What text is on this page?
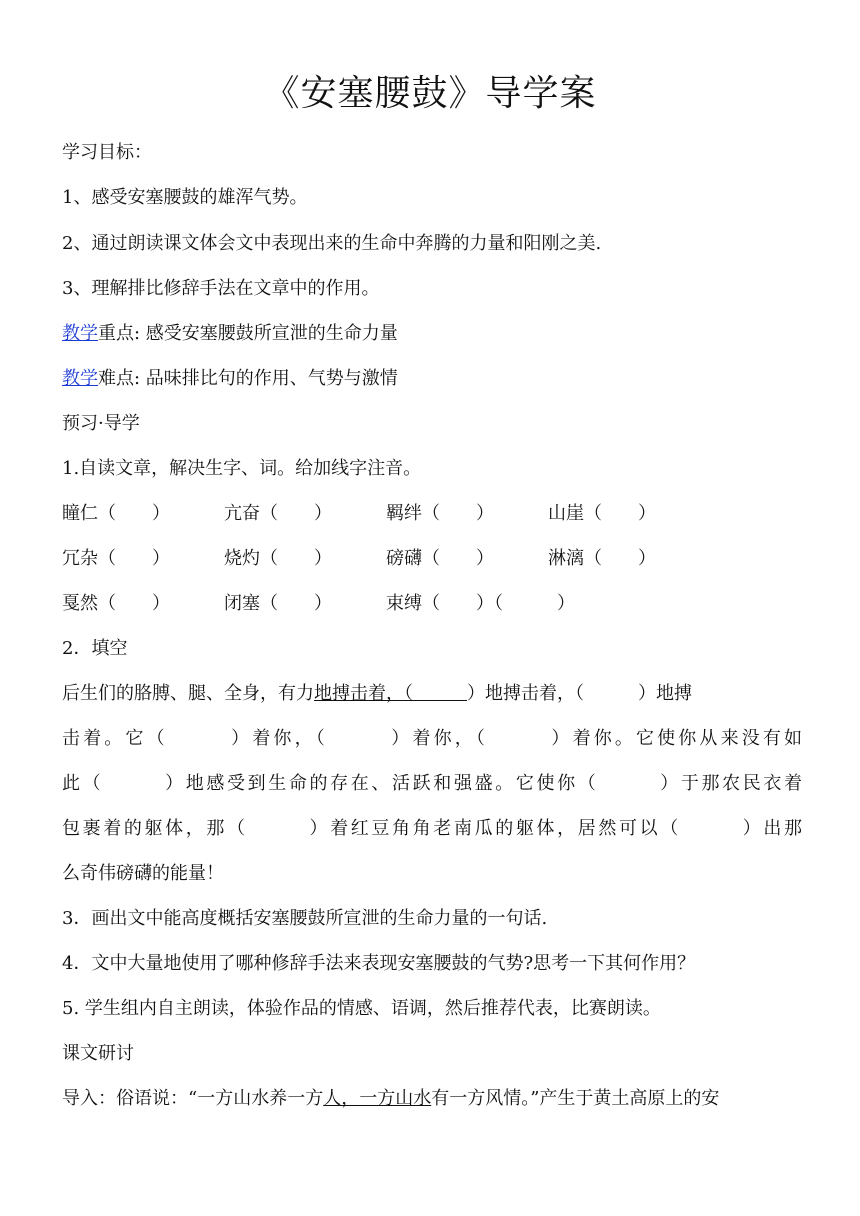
《安塞腰鼓》导学案
学习目标：
1、感受安塞腰鼓的雄浑气势。
2、通过朗读课文体会文中表现出来的生命中奔腾的力量和阳刚之美.
3、理解排比修辞手法在文章中的作用。
教学重点: 感受安塞腰鼓所宣泄的生命力量
教学难点: 品味排比句的作用、气势与激情
预习·导学
1.自读文章，解决生字、词。给加线字注音。
瞳仁（　　）	亢奋（　　）	羁绊（　　）	山崖（　　）
冗杂（　　）	烧灼（　　）	磅礴（　　）	淋漓（　　）
戛然（　　）	闭塞（　　）	束缚（　　）（　　　）
2．填空
后生们的胳膊、腿、全身，有力地搏击着，（　　　）地搏击着，（　　　）地搏
击着。它（　　　）着你，（　　　）着你，（　　　）着你。它使你从来没有如
此（　　　）地感受到生命的存在、活跃和强盛。它使你（　　　）于那农民衣着
包裹着的躯体，那（　　　）着红豆角角老南瓜的躯体，居然可以（　　　）出那
么奇伟磅礴的能量！
3．画出文中能高度概括安塞腰鼓所宣泄的生命力量的一句话.
4．文中大量地使用了哪种修辞手法来表现安塞腰鼓的气势?思考一下其何作用？
5. 学生组内自主朗读，体验作品的情感、语调，然后推荐代表，比赛朗读。
课文研讨
导入：俗语说：“一方山水养一方人，一方山水有一方风情。”产生于黄土高原上的安
